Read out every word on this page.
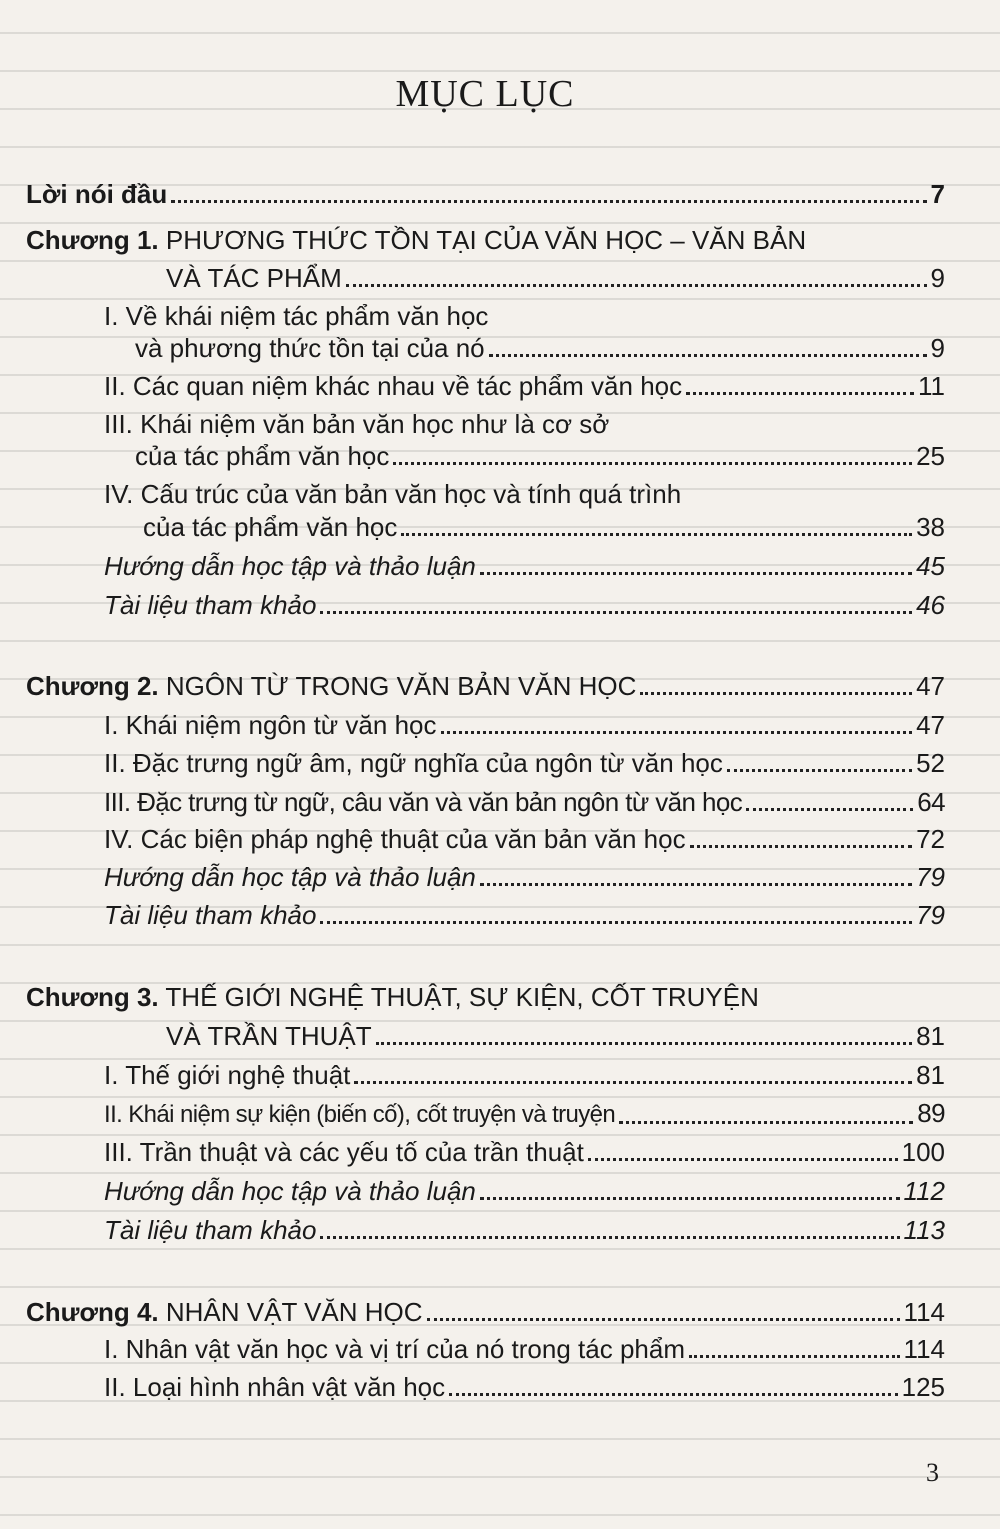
MỤC LỤC
Lời nói đầu	7
Chương 1. PHƯƠNG THỨC TỒN TẠI CỦA VĂN HỌC – VĂN BẢN
VÀ TÁC PHẨM	9
I. Về khái niệm tác phẩm văn học
và phương thức tồn tại của nó	9
II. Các quan niệm khác nhau về tác phẩm văn học	11
III. Khái niệm văn bản văn học như là cơ sở
của tác phẩm văn học	25
IV. Cấu trúc của văn bản văn học và tính quá trình
của tác phẩm văn học	38
Hướng dẫn học tập và thảo luận	45
Tài liệu tham khảo	46
Chương 2. NGÔN TỪ TRONG VĂN BẢN VĂN HỌC	47
I. Khái niệm ngôn từ văn học	47
II. Đặc trưng ngữ âm, ngữ nghĩa của ngôn từ văn học	52
III. Đặc trưng từ ngữ, câu văn và văn bản ngôn từ văn học	64
IV. Các biện pháp nghệ thuật của văn bản văn học	72
Hướng dẫn học tập và thảo luận	79
Tài liệu tham khảo	79
Chương 3. THẾ GIỚI NGHỆ THUẬT, SỰ KIỆN, CỐT TRUYỆN
VÀ TRẦN THUẬT	81
I. Thế giới nghệ thuật	81
II. Khái niệm sự kiện (biến cố), cốt truyện và truyện	89
III. Trần thuật và các yếu tố của trần thuật	100
Hướng dẫn học tập và thảo luận	112
Tài liệu tham khảo	113
Chương 4. NHÂN VẬT VĂN HỌC	114
I. Nhân vật văn học và vị trí của nó trong tác phẩm	114
II. Loại hình nhân vật văn học	125
3
